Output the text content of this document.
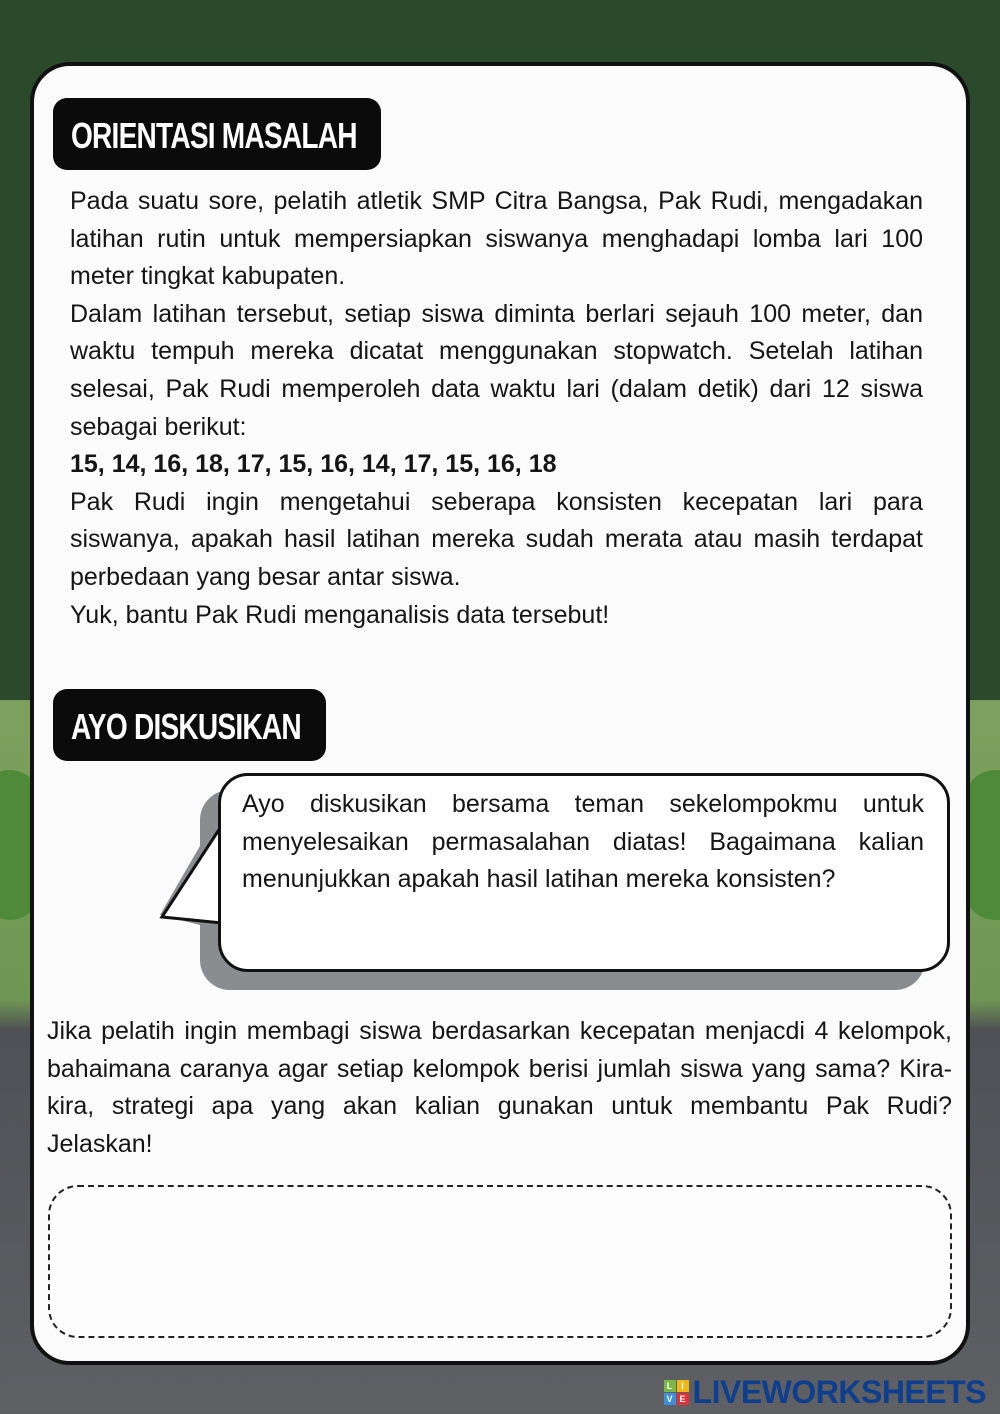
ORIENTASI MASALAH

Pada suatu sore, pelatih atletik SMP Citra Bangsa, Pak Rudi, mengadakan latihan rutin untuk mempersiapkan siswanya menghadapi lomba lari 100 meter tingkat kabupaten.

Dalam latihan tersebut, setiap siswa diminta berlari sejauh 100 meter, dan waktu tempuh mereka dicatat menggunakan stopwatch. Setelah latihan selesai, Pak Rudi memperoleh data waktu lari (dalam detik) dari 12 siswa sebagai berikut:

15, 14, 16, 18, 17, 15, 16, 14, 17, 15, 16, 18

Pak Rudi ingin mengetahui seberapa konsisten kecepatan lari para siswanya, apakah hasil latihan mereka sudah merata atau masih terdapat perbedaan yang besar antar siswa.

Yuk, bantu Pak Rudi menganalisis data tersebut!

AYO DISKUSIKAN
Ayo diskusikan bersama teman sekelompokmu untuk menyelesaikan permasalahan diatas! Bagaimana kalian menunjukkan apakah hasil latihan mereka konsisten?
Jika pelatih ingin membagi siswa berdasarkan kecepatan menjacdi 4 kelompok, bahaimana caranya agar setiap kelompok berisi jumlah siswa yang sama? Kira-kira, strategi apa yang akan kalian gunakan untuk membantu Pak Rudi? Jelaskan!
L I
V E LIVEWORKSHEETS
